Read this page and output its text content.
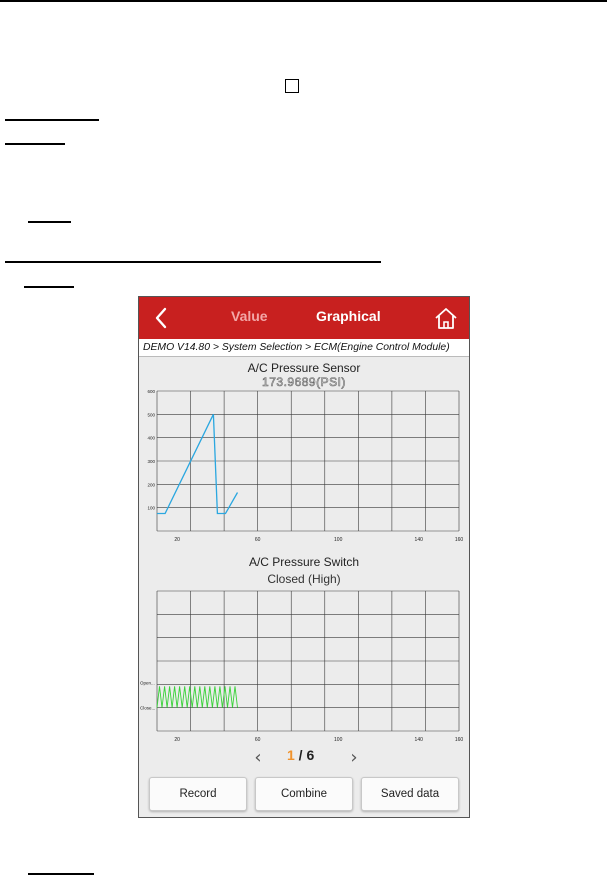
Value	Graphical
DEMO V14.80 > System Selection > ECM(Engine Control Module)
A/C Pressure Sensor
173.9689(PSI)
20	60	100	140	160
100
200
300
400
500
600
A/C Pressure Switch
Closed (High)
20	60	100	140	160
Open...
Close...
‹	1 / 6	›
Record	Combine	Saved data
